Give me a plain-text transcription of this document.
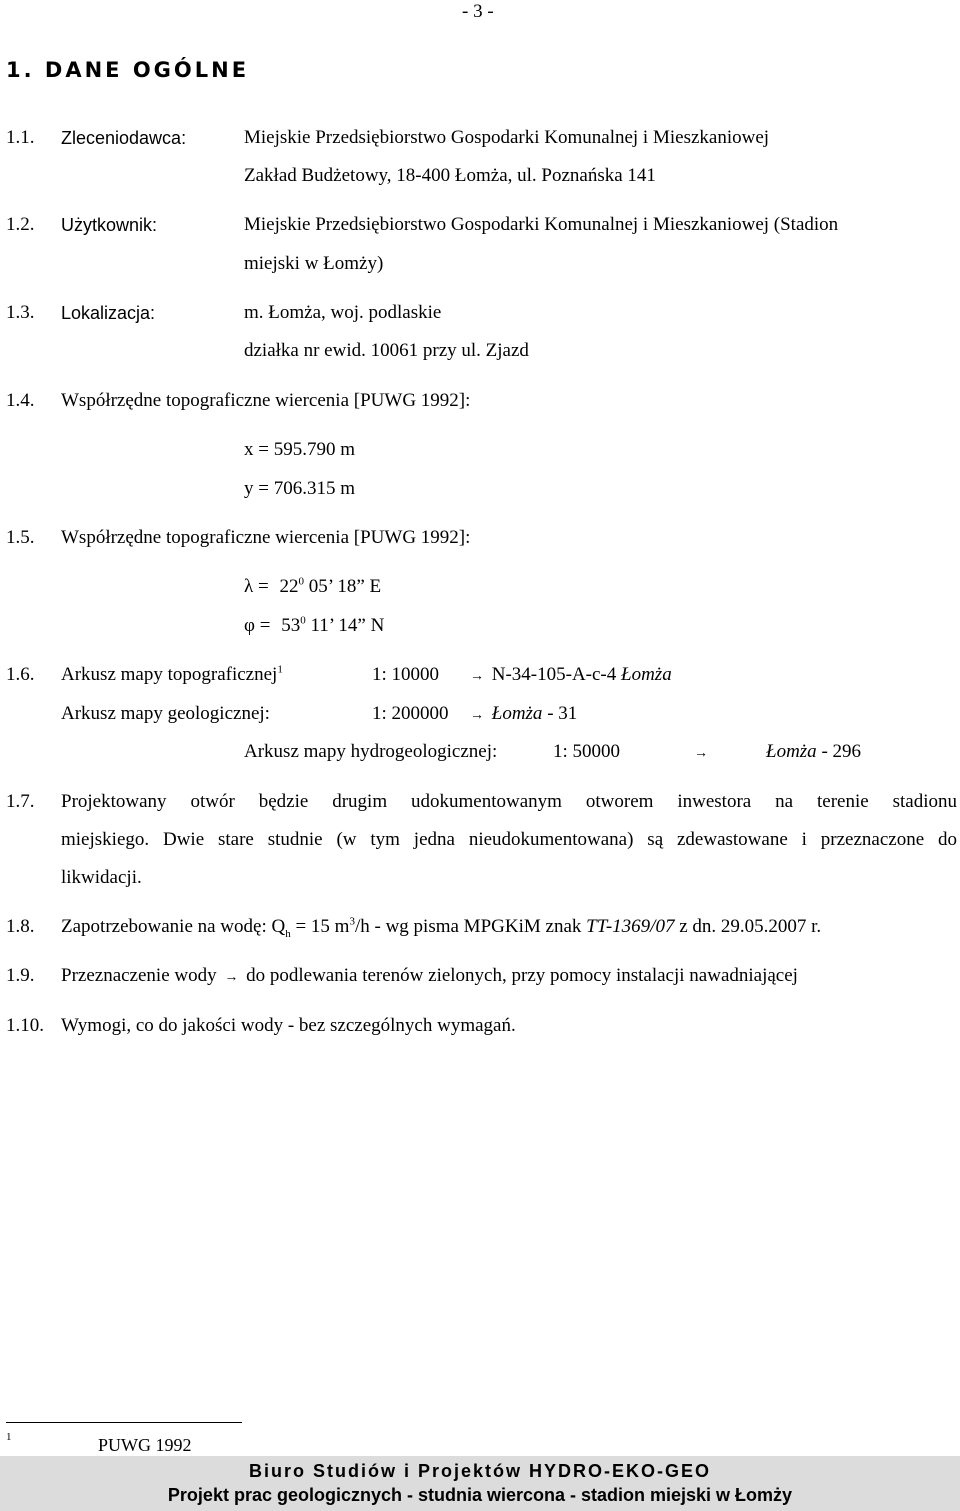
- 3 -
1. DANE OGÓLNE
1.1. Zleceniodawca:	Miejskie Przedsiębiorstwo Gospodarki Komunalnej i Mieszkaniowej
Zakład Budżetowy, 18-400 Łomża, ul. Poznańska 141
1.2. Użytkownik:	Miejskie Przedsiębiorstwo Gospodarki Komunalnej i Mieszkaniowej (Stadion
miejski w Łomży)
1.3. Lokalizacja:	m. Łomża, woj. podlaskie
działka nr ewid. 10061 przy ul. Zjazd
1.4. Współrzędne topograficzne wiercenia [PUWG 1992]:
x = 595.790 m
y = 706.315 m
1.5. Współrzędne topograficzne wiercenia [PUWG 1992]:
$\lambda = 22^0$ 05’ 18” E
$\varphi = 53^0$ 11’ 14” N
1.6. Arkusz mapy topograficznej$^1$	1: 10000 → N-34-105-A-c-4 Łomża
Arkusz mapy geologicznej:	1: 200000 → Łomża - 31
Arkusz mapy hydrogeologicznej:	1: 50000	→	Łomża - 296
1.7. Projektowany otwór będzie drugim udokumentowanym otworem inwestora na terenie stadionu
miejskiego. Dwie stare studnie (w tym jedna nieudokumentowana) są zdewastowane i przeznaczone do
likwidacji.
1.8. Zapotrzebowanie na wodę: $Q_h = 15$ $m^3/h$ - wg pisma MPGKiM znak TT-1369/07 z dn. 29.05.2007 r.
1.9. Przeznaczenie wody → do podlewania terenów zielonych, przy pomocy instalacji nawadniającej
1.10. Wymogi, co do jakości wody - bez szczególnych wymagań.
1	PUWG 1992
Biuro Studiów i Projektów HYDRO-EKO-GEO
Projekt prac geologicznych - studnia wiercona - stadion miejski w Łomży
